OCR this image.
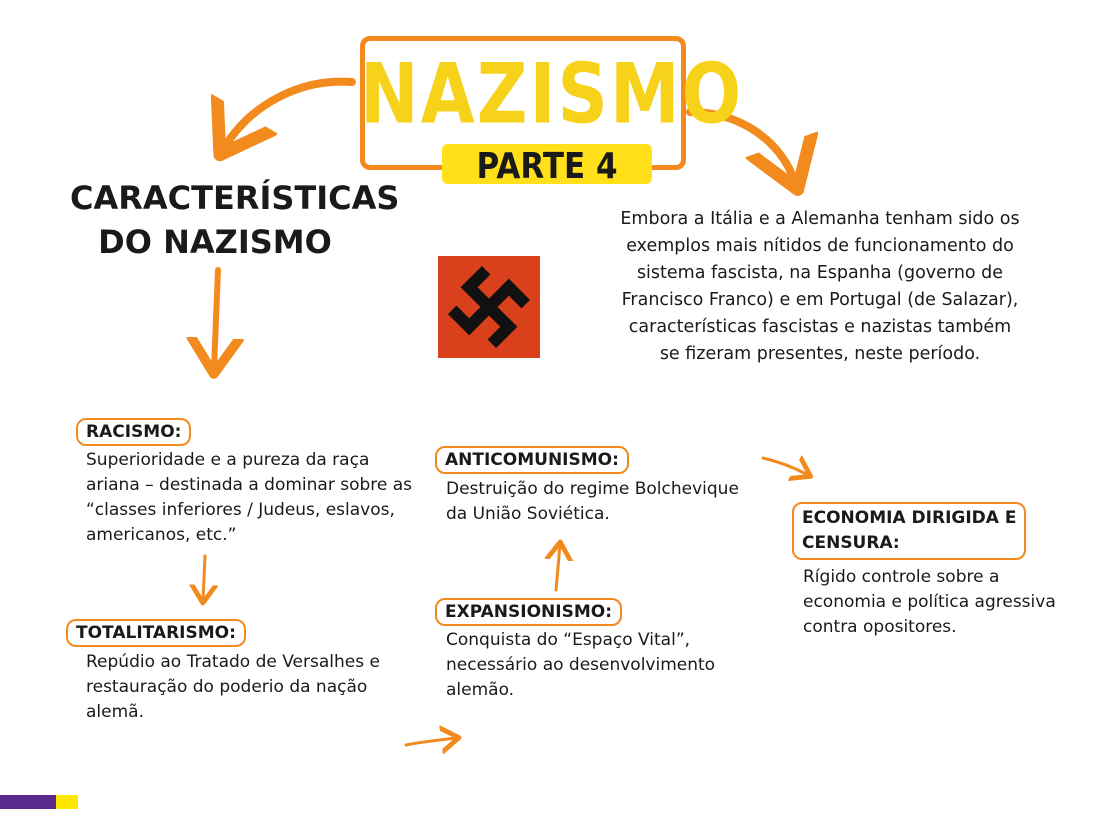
NAZISMO
PARTE 4
CARACTERÍSTICAS
DO NAZISMO
Embora a Itália e a Alemanha tenham sido os exemplos mais nítidos de funcionamento do sistema fascista, na Espanha (governo de Francisco Franco) e em Portugal (de Salazar), características fascistas e nazistas também se fizeram presentes, neste período.
RACISMO:
Superioridade e a pureza da raça ariana – destinada a dominar sobre as “classes inferiores / Judeus, eslavos, americanos, etc.”
TOTALITARISMO:
Repúdio ao Tratado de Versalhes e restauração do poderio da nação alemã.
ANTICOMUNISMO:
Destruição do regime Bolchevique da União Soviética.
EXPANSIONISMO:
Conquista do “Espaço Vital”, necessário ao desenvolvimento alemão.
ECONOMIA DIRIGIDA E
CENSURA:
Rígido controle sobre a economia e política agressiva contra opositores.
